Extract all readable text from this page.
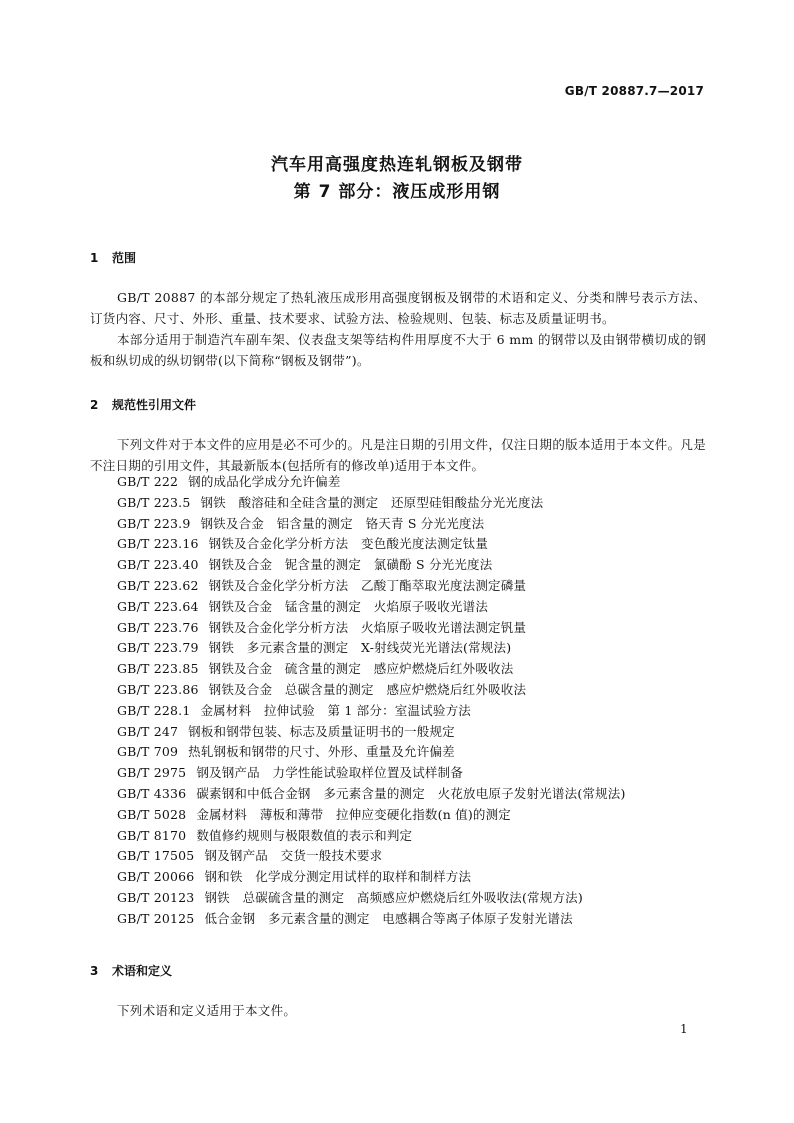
GB/T 20887.7—2017
汽车用高强度热连轧钢板及钢带
第 7 部分：液压成形用钢
1 范围
GB/T 20887 的本部分规定了热轧液压成形用高强度钢板及钢带的术语和定义、分类和牌号表示方法、订货内容、尺寸、外形、重量、技术要求、试验方法、检验规则、包装、标志及质量证明书。
本部分适用于制造汽车副车架、仪表盘支架等结构件用厚度不大于 6 mm 的钢带以及由钢带横切成的钢板和纵切成的纵切钢带(以下简称“钢板及钢带”)。
2 规范性引用文件
下列文件对于本文件的应用是必不可少的。凡是注日期的引用文件，仅注日期的版本适用于本文件。凡是不注日期的引用文件，其最新版本(包括所有的修改单)适用于本文件。
GB/T 222 钢的成品化学成分允许偏差
GB/T 223.5 钢铁　酸溶硅和全硅含量的测定　还原型硅钼酸盐分光光度法
GB/T 223.9 钢铁及合金　铝含量的测定　铬天青 S 分光光度法
GB/T 223.16 钢铁及合金化学分析方法　变色酸光度法测定钛量
GB/T 223.40 钢铁及合金　铌含量的测定　氯磺酚 S 分光光度法
GB/T 223.62 钢铁及合金化学分析方法　乙酸丁酯萃取光度法测定磷量
GB/T 223.64 钢铁及合金　锰含量的测定　火焰原子吸收光谱法
GB/T 223.76 钢铁及合金化学分析方法　火焰原子吸收光谱法测定钒量
GB/T 223.79 钢铁　多元素含量的测定　X-射线荧光光谱法(常规法)
GB/T 223.85 钢铁及合金　硫含量的测定　感应炉燃烧后红外吸收法
GB/T 223.86 钢铁及合金　总碳含量的测定　感应炉燃烧后红外吸收法
GB/T 228.1 金属材料　拉伸试验　第 1 部分：室温试验方法
GB/T 247 钢板和钢带包装、标志及质量证明书的一般规定
GB/T 709 热轧钢板和钢带的尺寸、外形、重量及允许偏差
GB/T 2975 钢及钢产品　力学性能试验取样位置及试样制备
GB/T 4336 碳素钢和中低合金钢　多元素含量的测定　火花放电原子发射光谱法(常规法)
GB/T 5028 金属材料　薄板和薄带　拉伸应变硬化指数(n 值)的测定
GB/T 8170 数值修约规则与极限数值的表示和判定
GB/T 17505 钢及钢产品　交货一般技术要求
GB/T 20066 钢和铁　化学成分测定用试样的取样和制样方法
GB/T 20123 钢铁　总碳硫含量的测定　高频感应炉燃烧后红外吸收法(常规方法)
GB/T 20125 低合金钢　多元素含量的测定　电感耦合等离子体原子发射光谱法
3 术语和定义
下列术语和定义适用于本文件。
1
